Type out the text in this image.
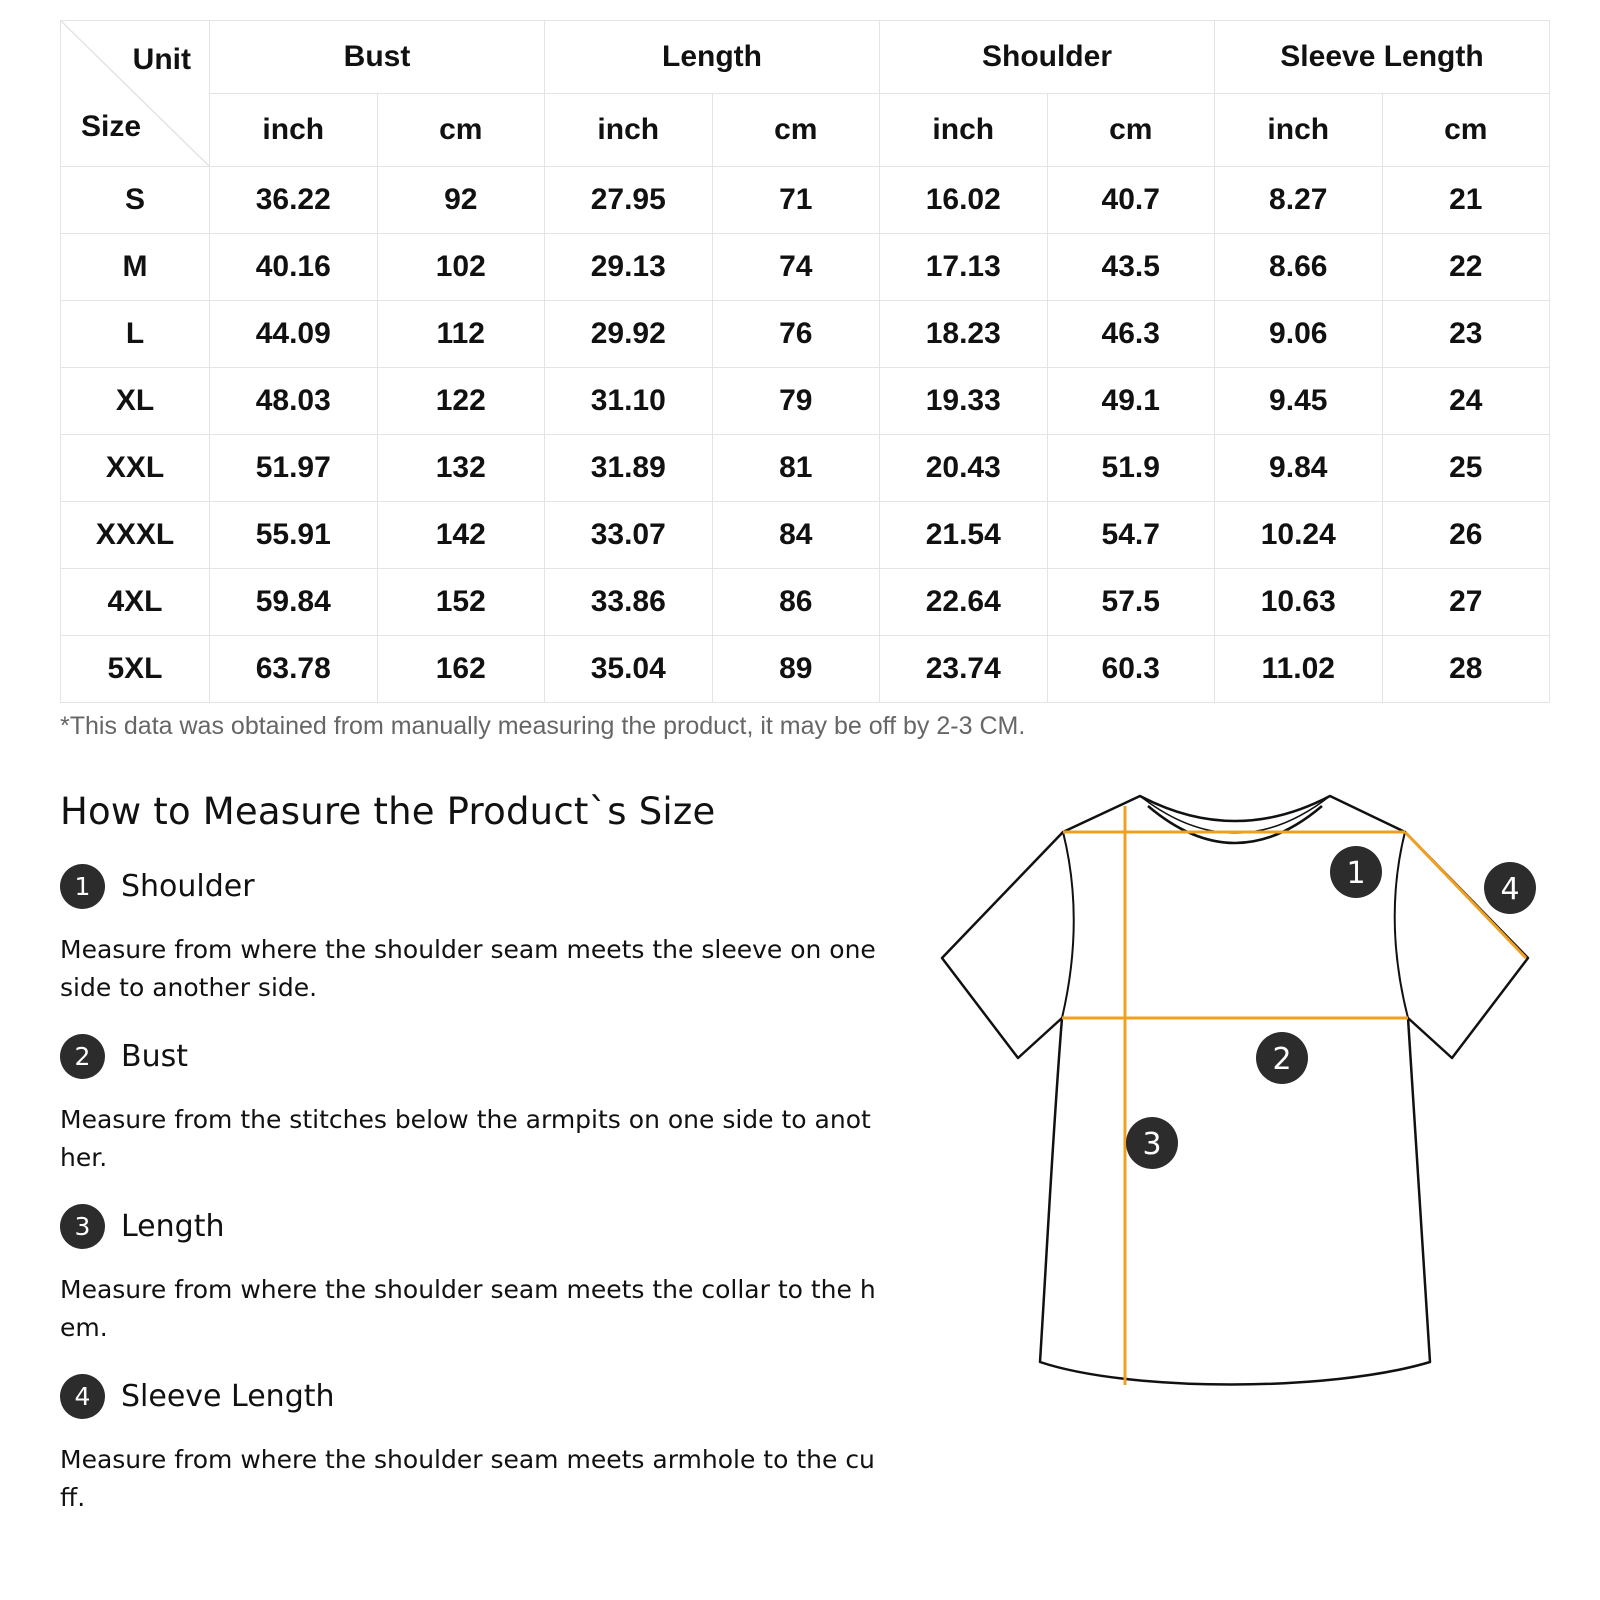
Unit
Size	Bust		Length		Shoulder		Sleeve Length	
	inch	cm	inch	cm	inch	cm	inch	cm
S	36.22	92	27.95	71	16.02	40.7	8.27	21
M	40.16	102	29.13	74	17.13	43.5	8.66	22
L	44.09	112	29.92	76	18.23	46.3	9.06	23
XL	48.03	122	31.10	79	19.33	49.1	9.45	24
XXL	51.97	132	31.89	81	20.43	51.9	9.84	25
XXXL	55.91	142	33.07	84	21.54	54.7	10.24	26
4XL	59.84	152	33.86	86	22.64	57.5	10.63	27
5XL	63.78	162	35.04	89	23.74	60.3	11.02	28
*This data was obtained from manually measuring the product, it may be off by 2-3 CM.
How to Measure the Product`s Size
1	Shoulder

Measure from where the shoulder seam meets the sleeve on one side to another side.

2	Bust

Measure from the stitches below the armpits on one side to another.

3	Length

Measure from where the shoulder seam meets the collar to the hem.

4	Sleeve Length

Measure from where the shoulder seam meets armhole to the cuff.

1
2
3
4
